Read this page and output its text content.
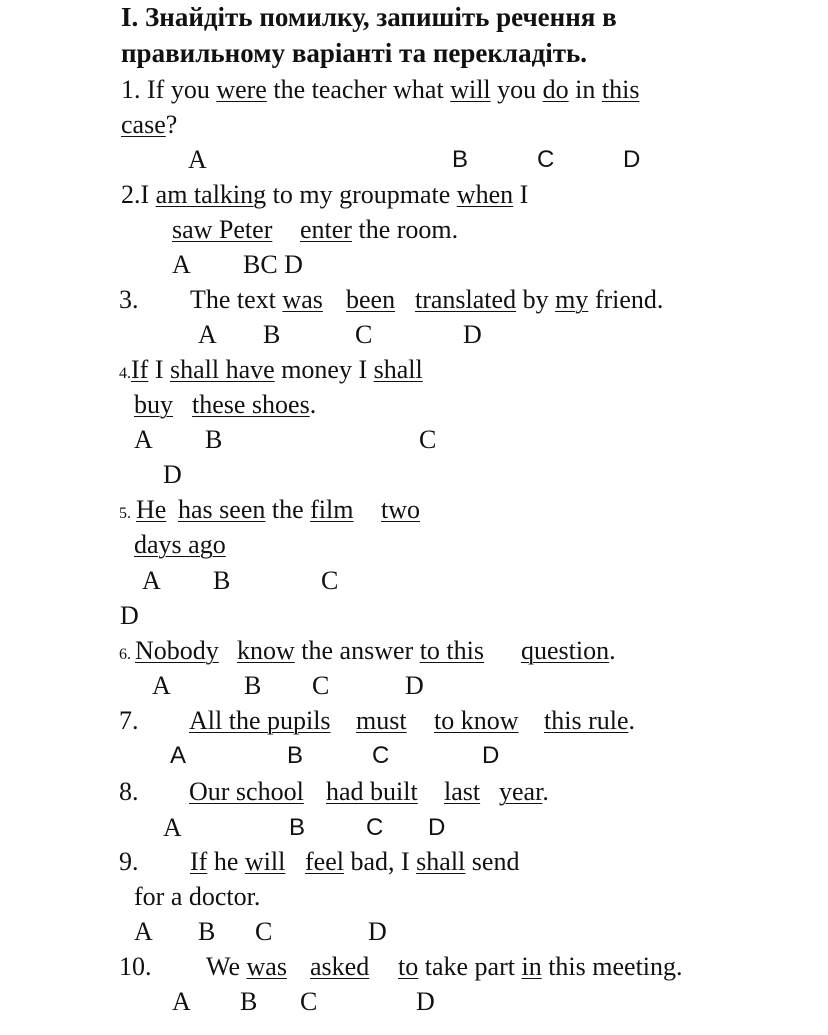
I. Знайдіть помилку, запишіть речення в
правильному варіанті та перекладіть.
1. If you were the teacher what will you do in this
case?
A	B	C	D
2.I am talking to my groupmate when I
saw Peter enter the room.
A BC D
3. The text was been translated by my friend.
A B	C	D
4.If I shall have money I shall
buy these shoes.
A B	C
D
5. He has seen the film two
days ago
A B	C
D
6. Nobody know the answer to this question.
A	B C	D
7. All the pupils must to know this rule.
A	B	C	D
8. Our school had built last year.
A	B	C D
9. If he will feel bad, I shall send
for a doctor.
A B C	D
10. We was asked to take part in this meeting.
A B C	D
